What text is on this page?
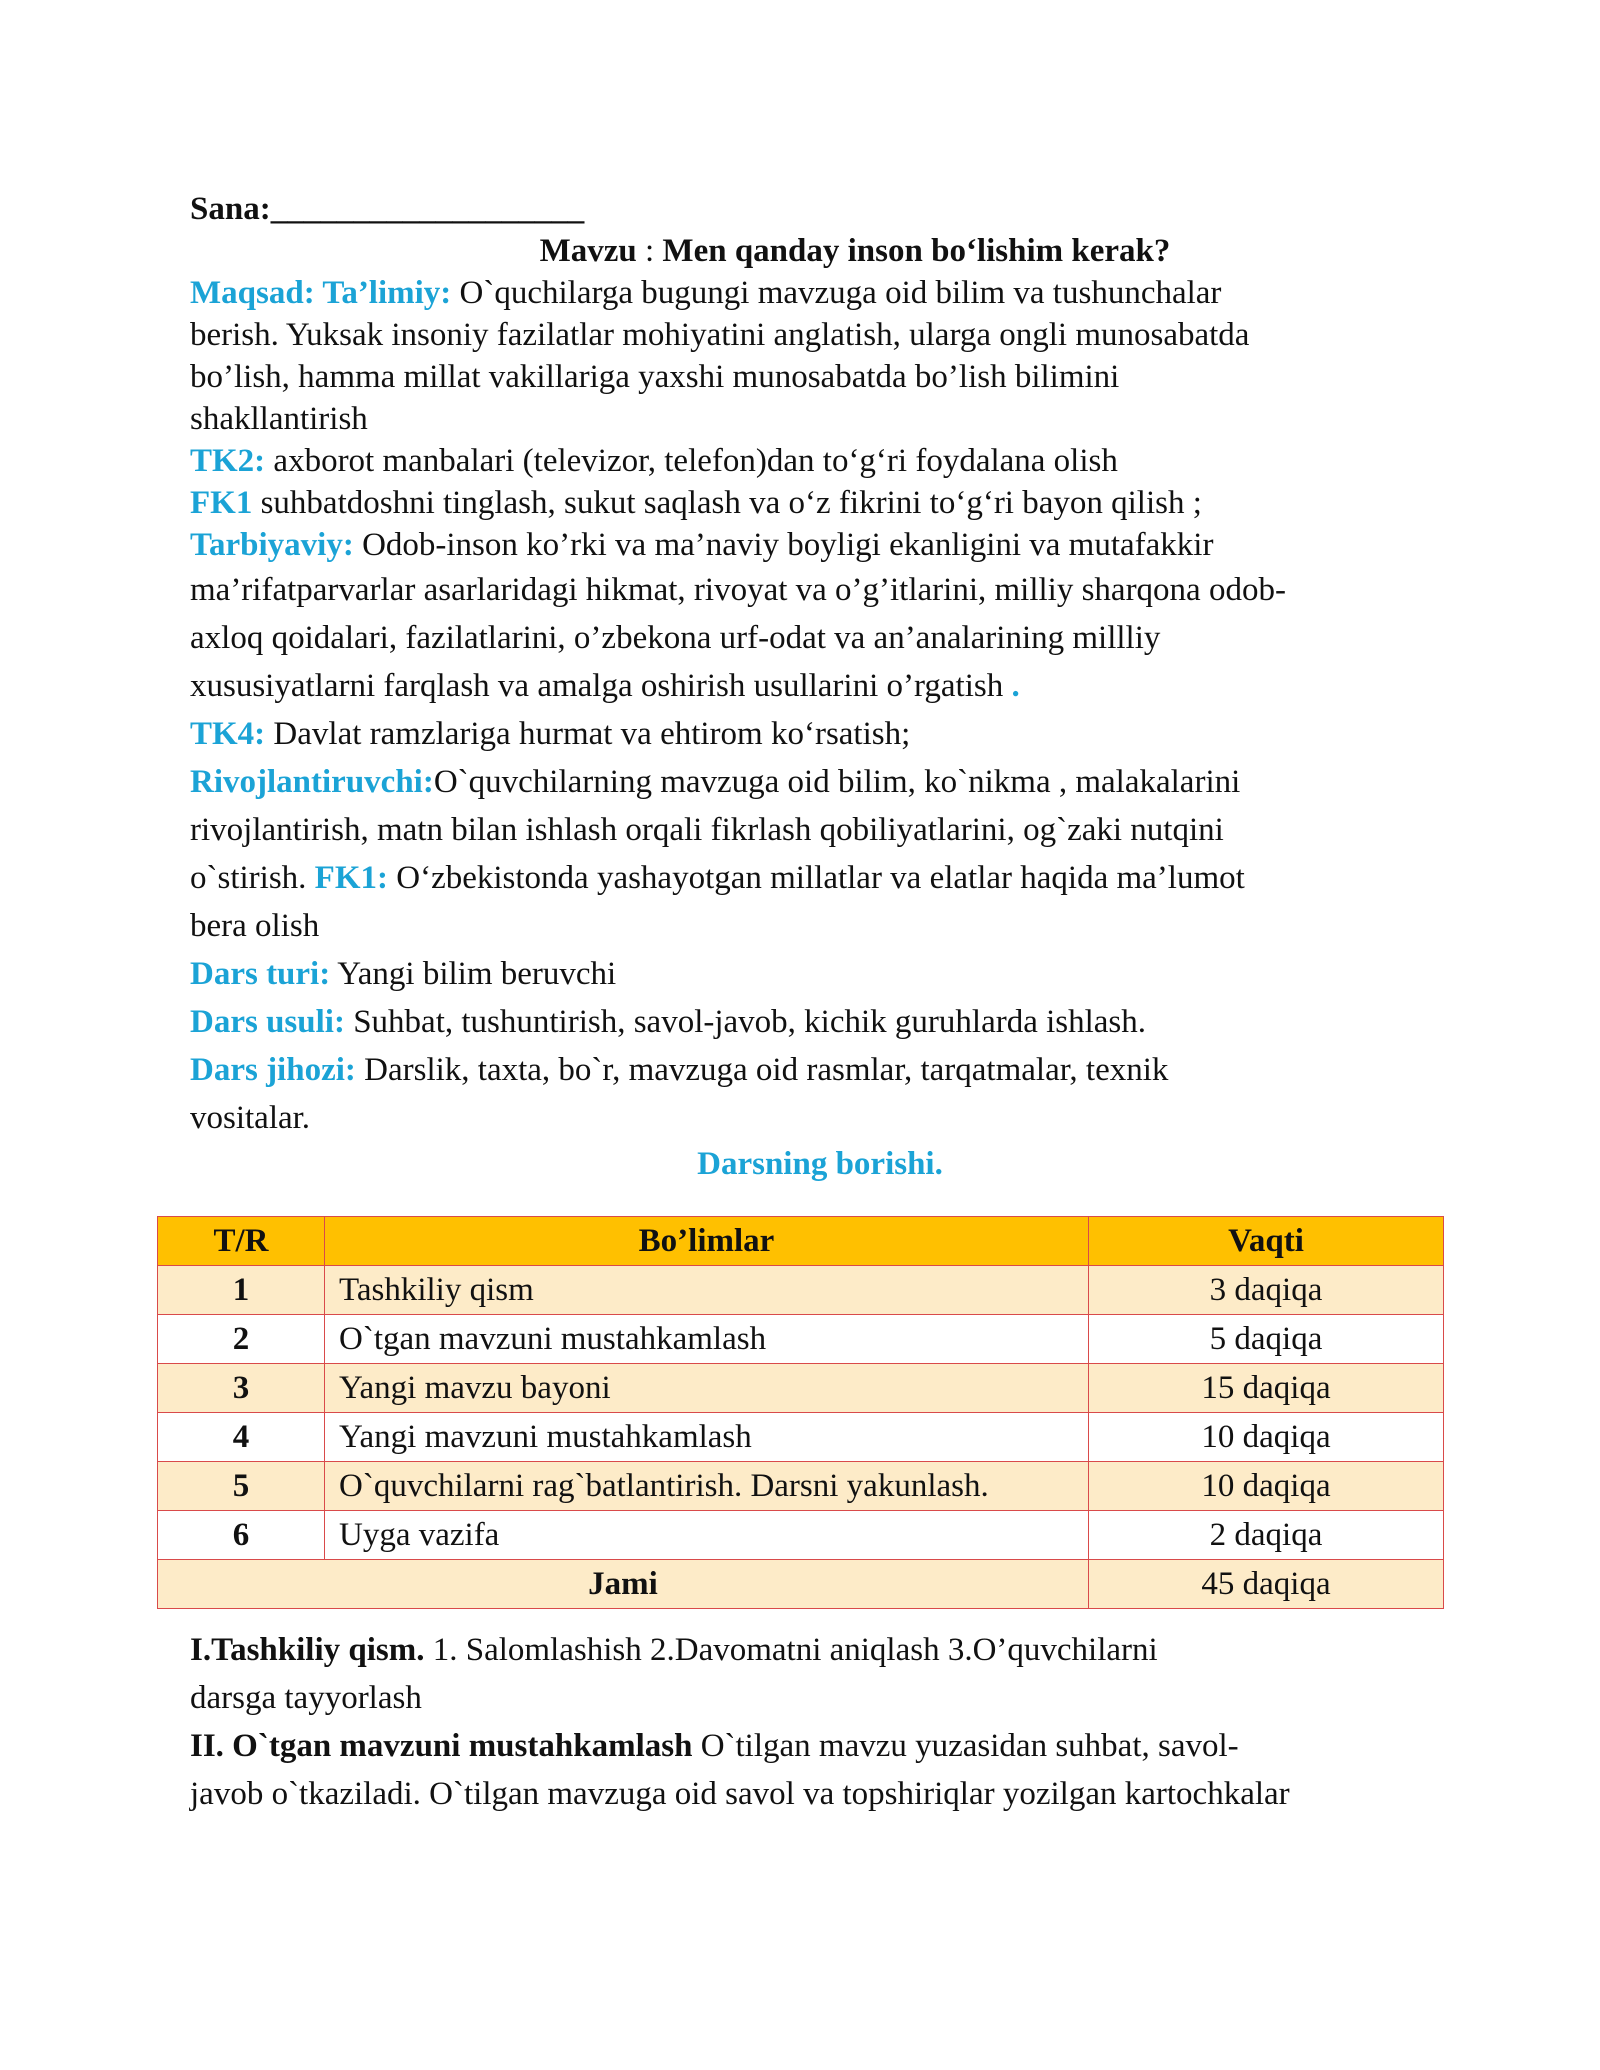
Sana:___________________
Mavzu : Men qanday inson bo‘lishim kerak?
Maqsad: Ta’limiy: O`quchilarga bugungi mavzuga oid bilim va tushunchalar
berish. Yuksak insoniy fazilatlar mohiyatini anglatish, ularga ongli munosabatda
bo’lish, hamma millat vakillariga yaxshi munosabatda bo’lish bilimini
shakllantirish
TK2: axborot manbalari (televizor, telefon)dan to‘g‘ri foydalana olish
FK1 suhbatdoshni tinglash, sukut saqlash va o‘z fikrini to‘g‘ri bayon qilish ;
Tarbiyaviy: Odob-inson ko’rki va ma’naviy boyligi ekanligini va mutafakkir
ma’rifatparvarlar asarlaridagi hikmat, rivoyat va o’g’itlarini, milliy sharqona odob-
axloq qoidalari, fazilatlarini, o’zbekona urf-odat va an’analarining millliy
xususiyatlarni farqlash va amalga oshirish usullarini o’rgatish .
TK4: Davlat ramzlariga hurmat va ehtirom ko‘rsatish;
Rivojlantiruvchi:O`quvchilarning mavzuga oid bilim, ko`nikma , malakalarini
rivojlantirish, matn bilan ishlash orqali fikrlash qobiliyatlarini, og`zaki nutqini
o`stirish. FK1: O‘zbekistonda yashayotgan millatlar va elatlar haqida ma’lumot
bera olish
Dars turi: Yangi bilim beruvchi
Dars usuli: Suhbat, tushuntirish, savol-javob, kichik guruhlarda ishlash.
Dars jihozi: Darslik, taxta, bo`r, mavzuga oid rasmlar, tarqatmalar, texnik
vositalar.
Darsning borishi.
T/R	Bo’limlar	Vaqti
1	Tashkiliy qism	3 daqiqa
2	O`tgan mavzuni mustahkamlash	5 daqiqa
3	Yangi mavzu bayoni	15 daqiqa
4	Yangi mavzuni mustahkamlash	10 daqiqa
5	O`quvchilarni rag`batlantirish. Darsni yakunlash.	10 daqiqa
6	Uyga vazifa	2 daqiqa
Jami		45 daqiqa
I.Tashkiliy qism. 1. Salomlashish 2.Davomatni aniqlash 3.O’quvchilarni
darsga tayyorlash
II. O`tgan mavzuni mustahkamlash O`tilgan mavzu yuzasidan suhbat, savol-
javob o`tkaziladi. O`tilgan mavzuga oid savol va topshiriqlar yozilgan kartochkalar
